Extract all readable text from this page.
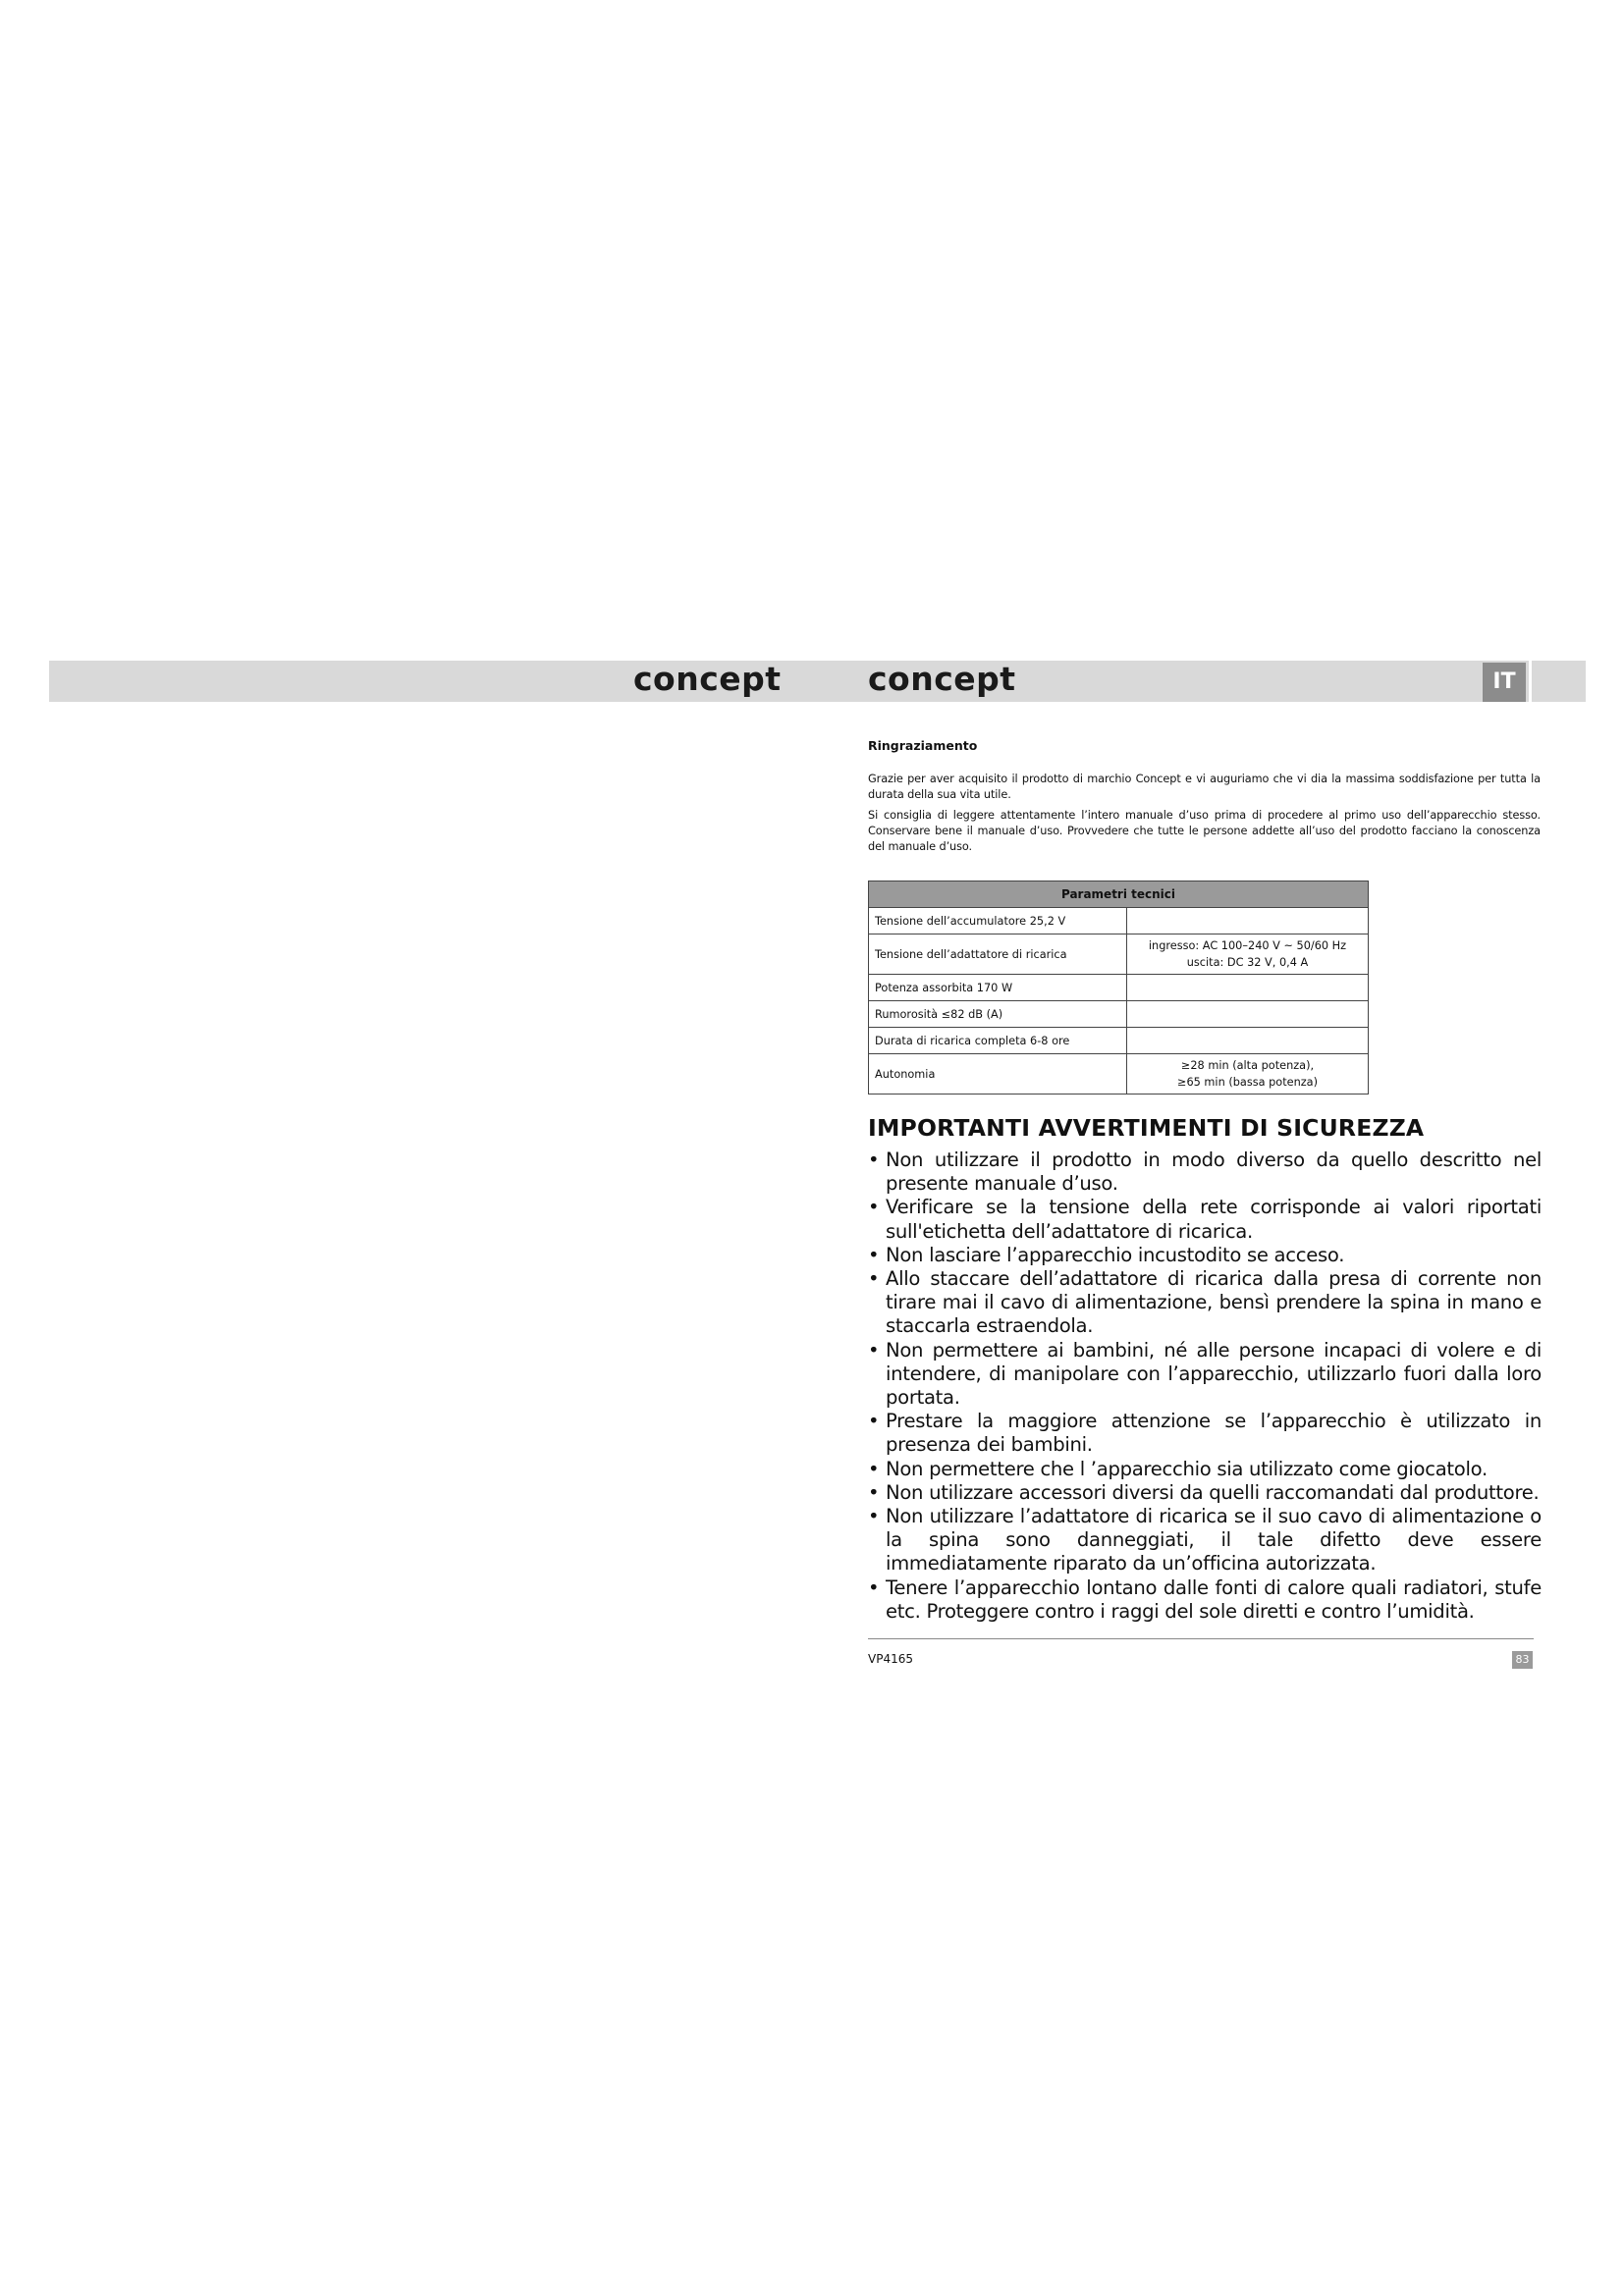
concept	concept	IT
Ringraziamento

Grazie per aver acquisito il prodotto di marchio Concept e vi auguriamo che vi dia la massima soddisfazione per tutta la durata della sua vita utile.

Si consiglia di leggere attentamente l’intero manuale d’uso prima di procedere al primo uso dell’apparecchio stesso. Conservare bene il manuale d’uso. Provvedere che tutte le persone addette all’uso del prodotto facciano la conoscenza del manuale d’uso.

Parametri tecnici	
Tensione dell’accumulatore 25,2 V	
Tensione dell’adattatore di ricarica	ingresso: AC 100–240 V ~ 50/60 Hz
uscita: DC 32 V, 0,4 A

Potenza assorbita 170 W	
Rumorosità ≤82 dB (A)	
Durata di ricarica completa 6-8 ore	
Autonomia	≥28 min (alta potenza),
≥65 min (bassa potenza)
IMPORTANTI AVVERTIMENTI DI SICUREZZA
• Non utilizzare il prodotto in modo diverso da quello descritto nel presente manuale d’uso.
• Verificare se la tensione della rete corrisponde ai valori riportati sull'etichetta dell’adattatore di ricarica.
• Non lasciare l’apparecchio incustodito se acceso.
• Allo staccare dell’adattatore di ricarica dalla presa di corrente non tirare mai il cavo di alimentazione, bensì prendere la spina in mano e staccarla estraendola.
• Non permettere ai bambini, né alle persone incapaci di volere e di intendere, di manipolare con l’apparecchio, utilizzarlo fuori dalla loro portata.
• Prestare la maggiore attenzione se l’apparecchio è utilizzato in presenza dei bambini.
• Non permettere che l ’apparecchio sia utilizzato come giocatolo.
• Non utilizzare accessori diversi da quelli raccomandati dal produttore.
• Non utilizzare l’adattatore di ricarica se il suo cavo di alimentazione o la spina sono danneggiati, il tale difetto deve essere immediatamente riparato da un’officina autorizzata.
• Tenere l’apparecchio lontano dalle fonti di calore quali radiatori, stufe etc. Proteggere contro i raggi del sole diretti e contro l’umidità.
VP4165	83
